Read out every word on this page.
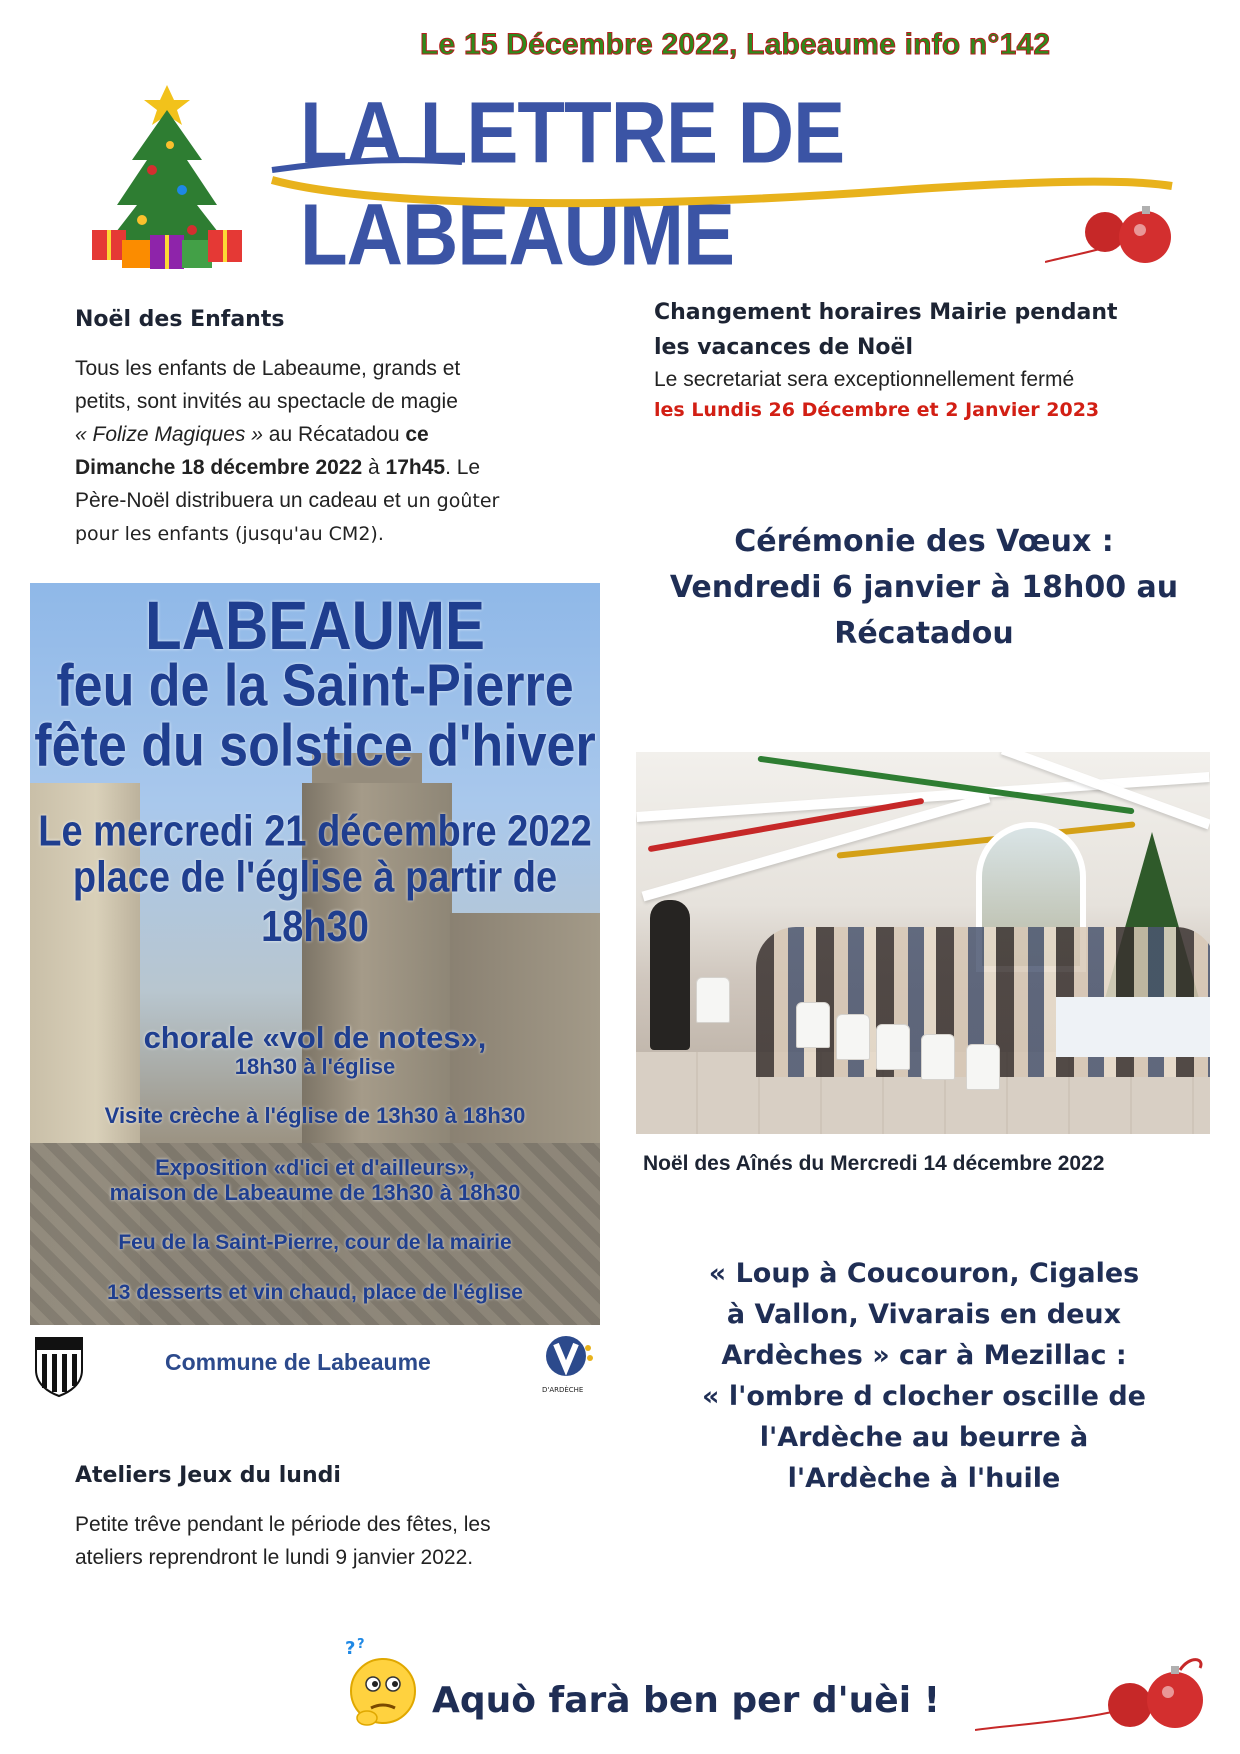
Le 15 Décembre 2022, Labeaume info n°142
LA LETTRE DE LABEAUME
Noël des Enfants
Tous les enfants de Labeaume, grands et
petits, sont invités au spectacle de magie
« Folize Magiques » au Récatadou ce
Dimanche 18 décembre 2022 à 17h45. Le
Père-Noël distribuera un cadeau et un goûter
pour les enfants (jusqu'au CM2).
Changement horaires Mairie pendant
les vacances de Noël
Le secretariat sera exceptionnellement fermé
les Lundis 26 Décembre et 2 Janvier 2023
Cérémonie des Vœux :
Vendredi 6 janvier à 18h00 au
Récatadou
LABEAUME
feu de la Saint-Pierre
fête du solstice d'hiver
Le mercredi 21 décembre 2022
place de l'église à partir de 18h30
chorale «vol de notes»,
18h30 à l'église
Visite crèche à l'église de 13h30 à 18h30
Exposition «d'ici et d'ailleurs»,
maison de Labeaume de 13h30 à 18h30
Feu de la Saint-Pierre, cour de la mairie
13 desserts et vin chaud, place de l'église
Commune de Labeaume
D'ARDÈCHE
Noël des Aînés du Mercredi 14 décembre 2022
Ateliers Jeux du lundi
Petite trêve pendant le période des fêtes, les
ateliers reprendront le lundi 9 janvier 2022.
« Loup à Coucouron, Cigales
à Vallon, Vivarais en deux
Ardèches » car à Mezillac :
« l'ombre d clocher oscille de
l'Ardèche au beurre à
l'Ardèche à l'huile
? ?
Aquò farà ben per d'uèi !
